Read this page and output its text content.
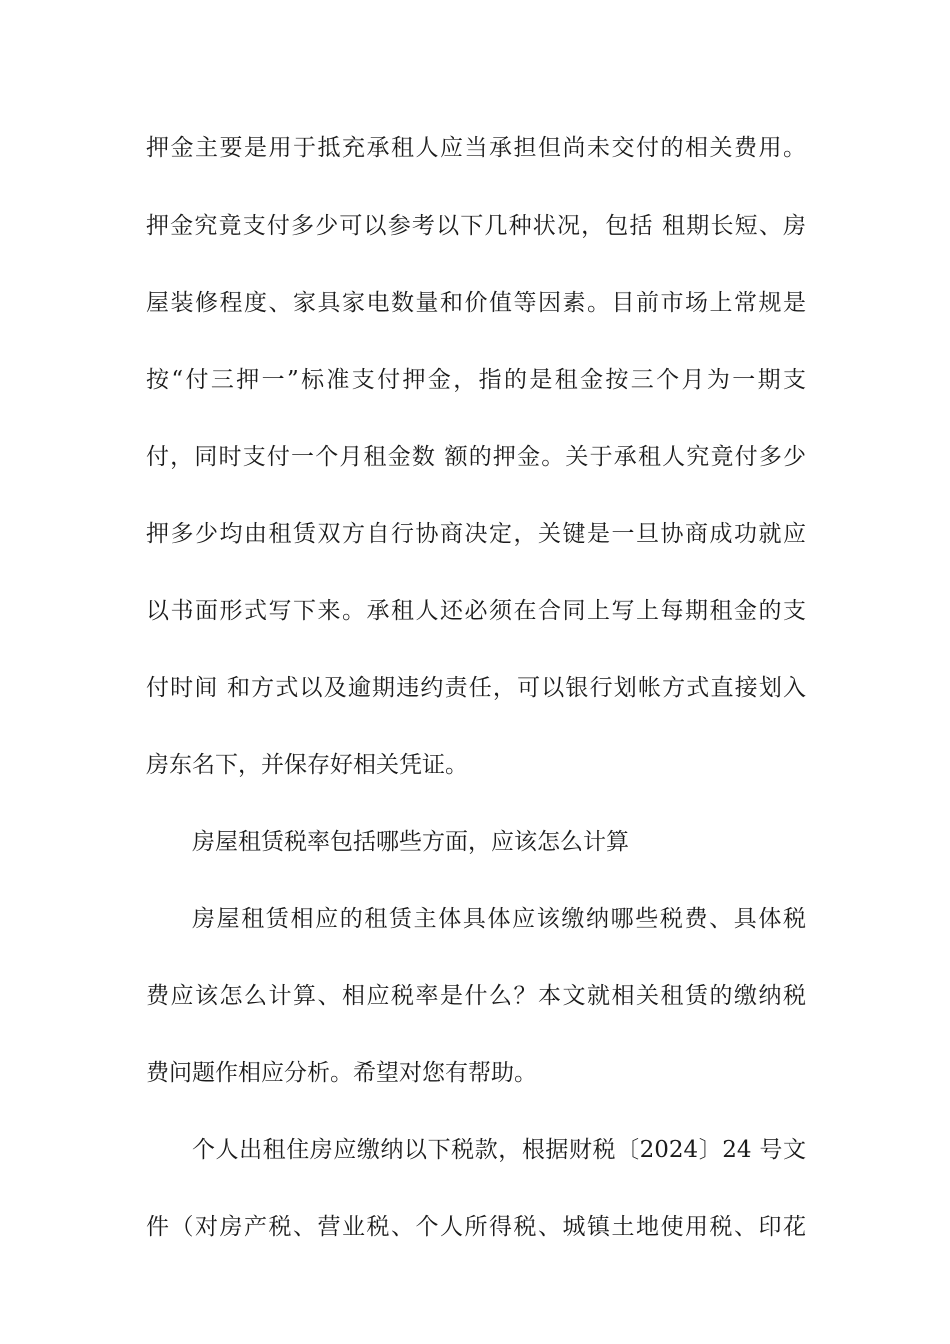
押金主要是用于抵充承租人应当承担但尚未交付的相关费用。
押金究竟支付多少可以参考以下几种状况，包括 租期长短、房
屋装修程度、家具家电数量和价值等因素。目前市场上常规是
按“付三押一”标准支付押金，指的是租金按三个月为一期支
付，同时支付一个月租金数 额的押金。关于承租人究竟付多少
押多少均由租赁双方自行协商决定，关键是一旦协商成功就应
以书面形式写下来。承租人还必须在合同上写上每期租金的支
付时间 和方式以及逾期违约责任，可以银行划帐方式直接划入
房东名下，并保存好相关凭证。
房屋租赁税率包括哪些方面，应该怎么计算
房屋租赁相应的租赁主体具体应该缴纳哪些税费、具体税
费应该怎么计算、相应税率是什么？本文就相关租赁的缴纳税
费问题作相应分析。希望对您有帮助。
个人出租住房应缴纳以下税款，根据财税〔2024〕24 号文
件（对房产税、营业税、个人所得税、城镇土地使用税、印花
